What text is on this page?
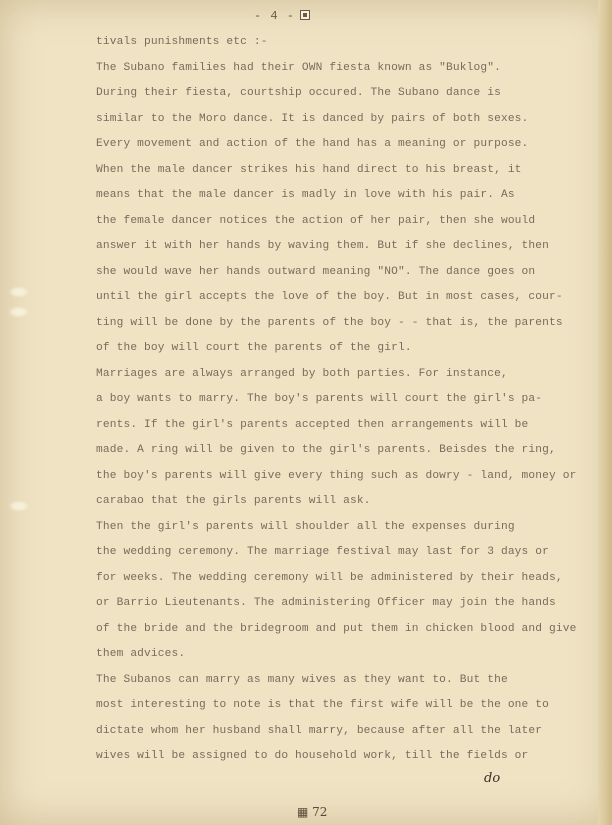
- 4 -
tivals punishments etc :-
The Subano families had their OWN fiesta known as "Buklog".
During their fiesta, courtship occured. The Subano dance is
similar to the Moro dance. It is danced by pairs of both sexes.
Every movement and action of the hand has a meaning or purpose.
When the male dancer strikes his hand direct to his breast, it
means that the male dancer is madly in love with his pair. As
the female dancer notices the action of her pair, then she would
answer it with her hands by waving them. But if she declines, then
she would wave her hands outward meaning "NO". The dance goes on
until the girl accepts the love of the boy. But in most cases, cour-
ting will be done by the parents of the boy - - that is, the parents
of the boy will court the parents of the girl.
Marriages are always arranged by both parties. For instance,
a boy wants to marry. The boy's parents will court the girl's pa-
rents. If the girl's parents accepted then arrangements will be
made. A ring will be given to the girl's parents. Beisdes the ring,
the boy's parents will give every thing such as dowry - land, money or
carabao that the girls parents will ask.
Then the girl's parents will shoulder all the expenses during
the wedding ceremony. The marriage festival may last for 3 days or
for weeks. The wedding ceremony will be administered by their heads,
or Barrio Lieutenants. The administering Officer may join the hands
of the bride and the bridegroom and put them in chicken blood and give
them advices.
The Subanos can marry as many wives as they want to. But the
most interesting to note is that the first wife will be the one to
dictate whom her husband shall marry, because after all the later
wives will be assigned to do household work, till the fields or
do
▦ 72
